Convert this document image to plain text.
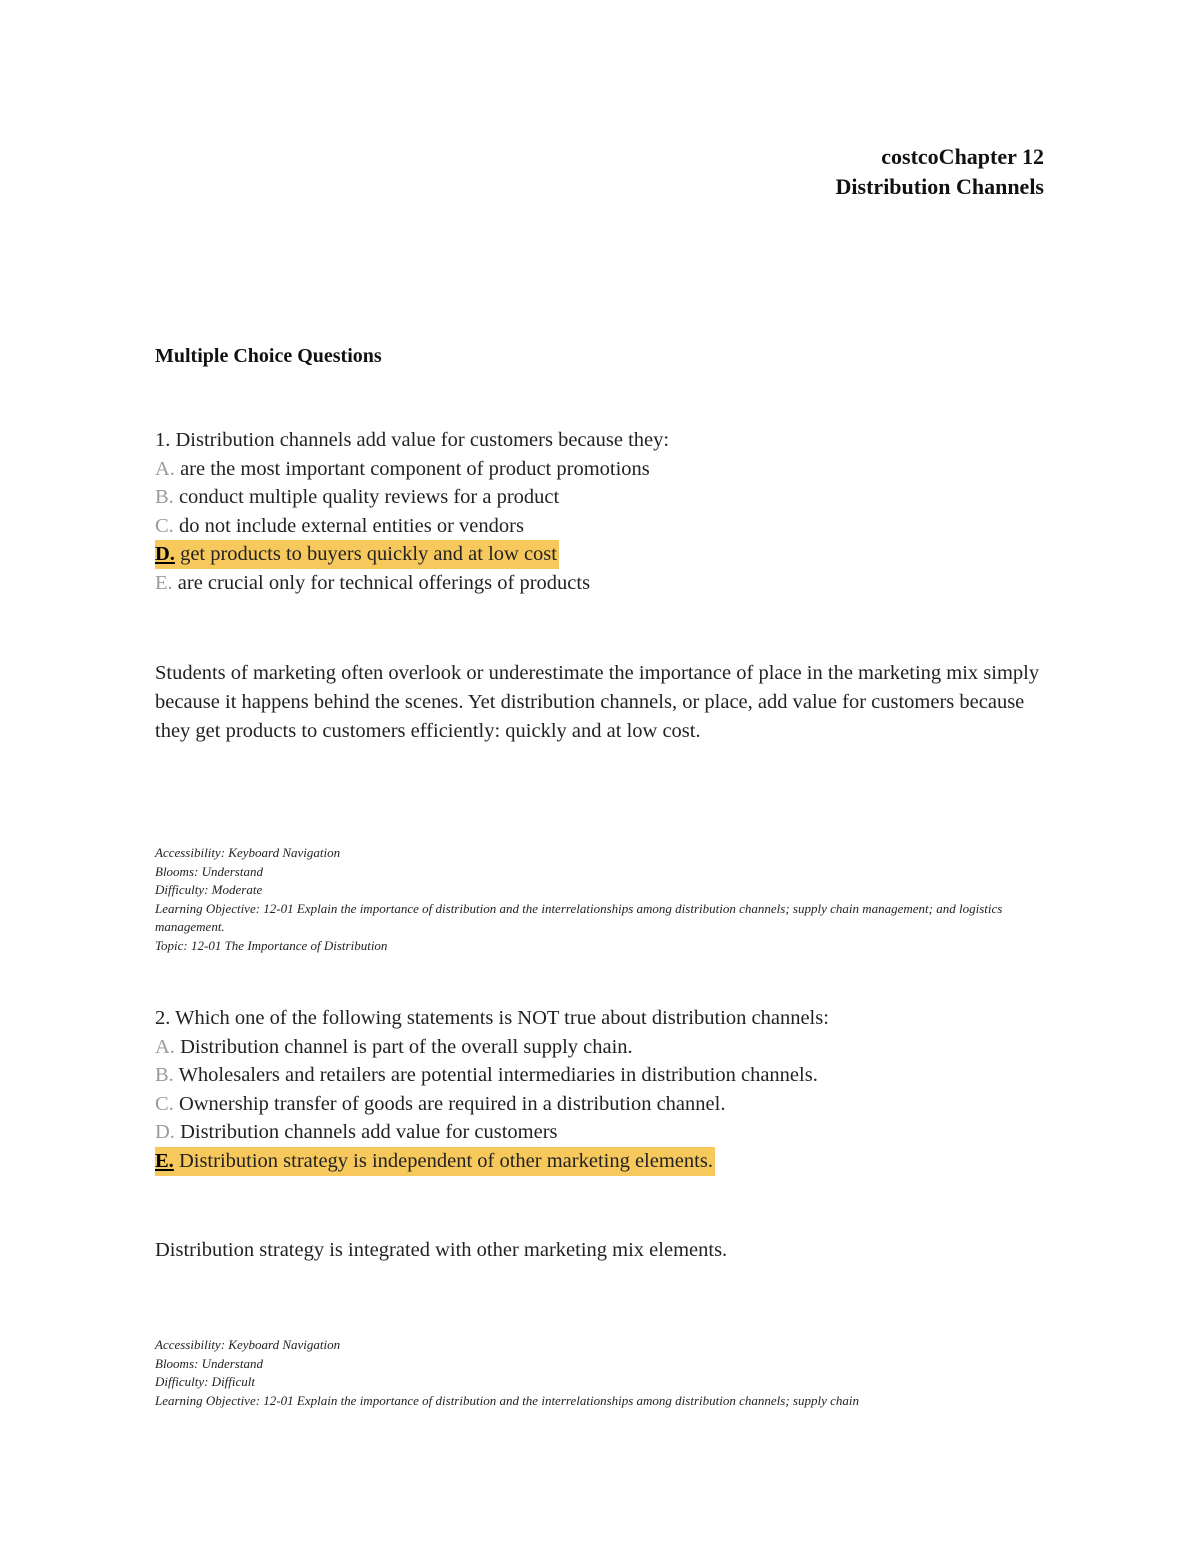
costcoChapter 12
Distribution Channels
Multiple Choice Questions
1. Distribution channels add value for customers because they:
A. are the most important component of product promotions
B. conduct multiple quality reviews for a product
C. do not include external entities or vendors
D. get products to buyers quickly and at low cost
E. are crucial only for technical offerings of products
Students of marketing often overlook or underestimate the importance of place in the marketing mix simply because it happens behind the scenes. Yet distribution channels, or place, add value for customers because they get products to customers efficiently: quickly and at low cost.
Accessibility: Keyboard Navigation
Blooms: Understand
Difficulty: Moderate
Learning Objective: 12-01 Explain the importance of distribution and the interrelationships among distribution channels; supply chain management; and logistics management.
Topic: 12-01 The Importance of Distribution
2. Which one of the following statements is NOT true about distribution channels:
A. Distribution channel is part of the overall supply chain.
B. Wholesalers and retailers are potential intermediaries in distribution channels.
C. Ownership transfer of goods are required in a distribution channel.
D. Distribution channels add value for customers
E. Distribution strategy is independent of other marketing elements.
Distribution strategy is integrated with other marketing mix elements.
Accessibility: Keyboard Navigation
Blooms: Understand
Difficulty: Difficult
Learning Objective: 12-01 Explain the importance of distribution and the interrelationships among distribution channels; supply chain
